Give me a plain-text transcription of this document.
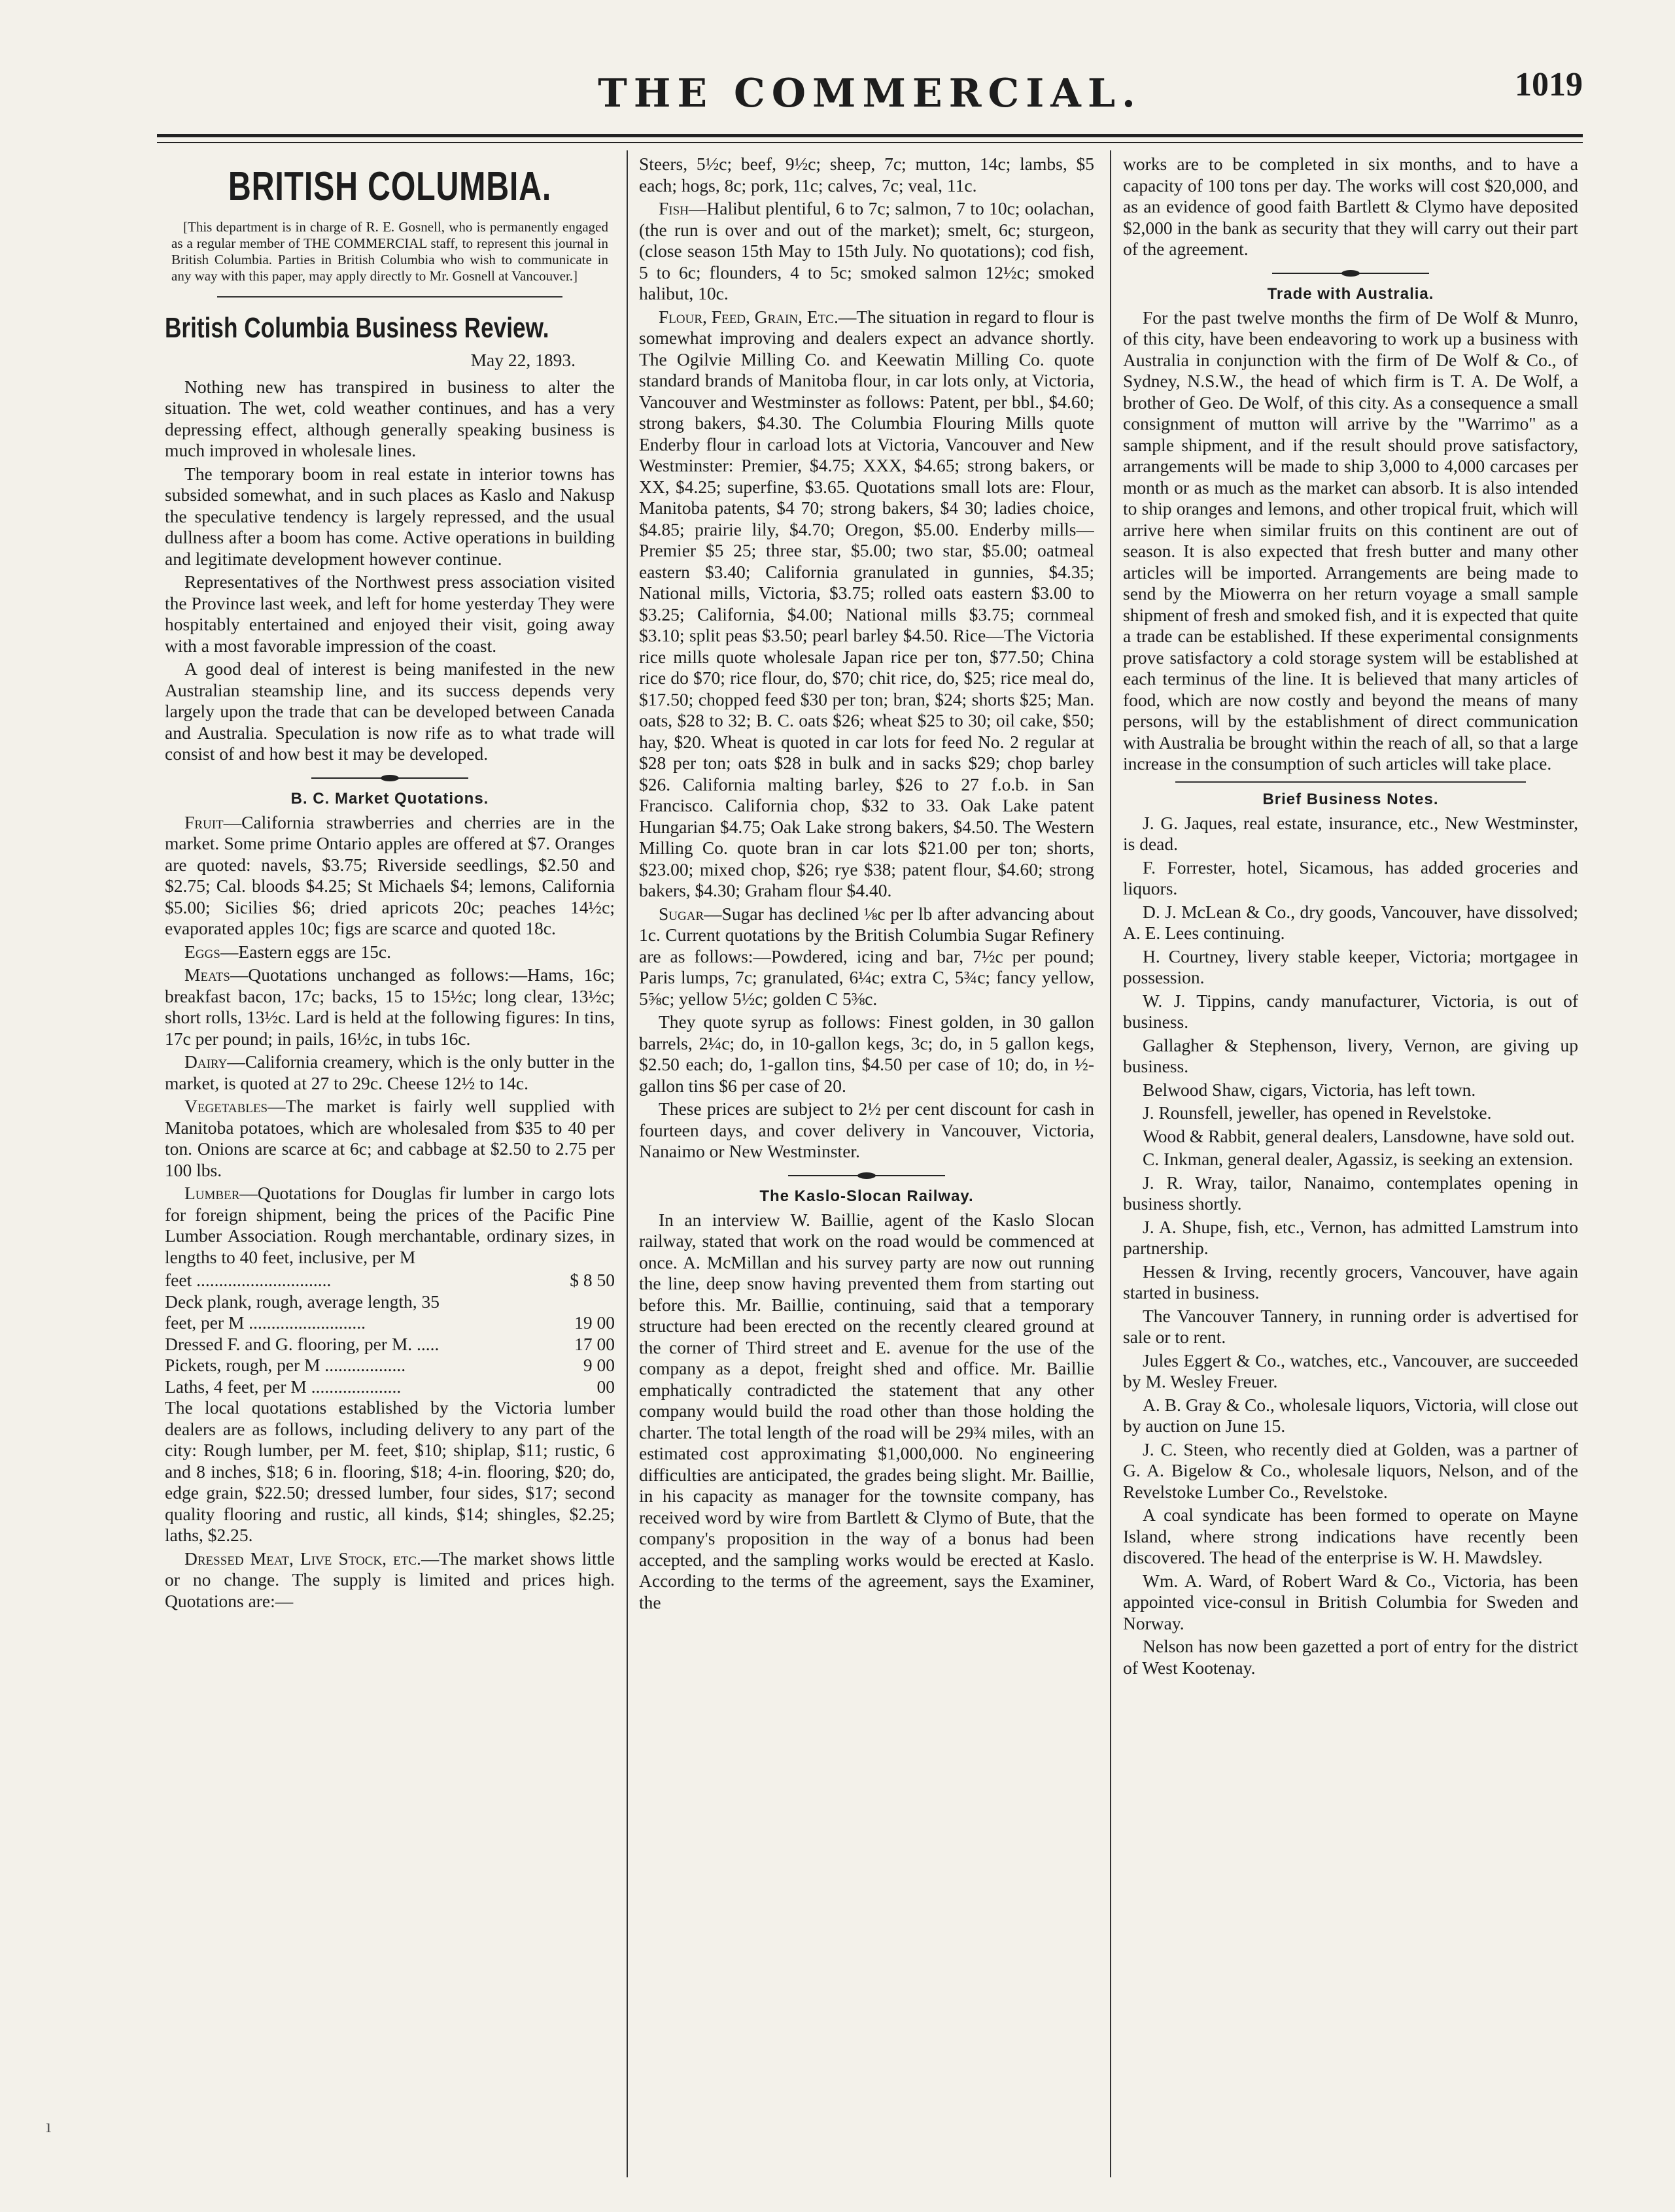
THE COMMERCIAL.	1019
BRITISH COLUMBIA.

[This department is in charge of R. E. Gosnell, who is permanently engaged as a regular member of THE COMMERCIAL staff, to represent this journal in British Columbia. Parties in British Columbia who wish to communicate in any way with this paper, may apply directly to Mr. Gosnell at Vancouver.]

British Columbia Business Review.
May 22, 1893.

Nothing new has transpired in business to alter the situation. The wet, cold weather continues, and has a very depressing effect, although generally speaking business is much improved in wholesale lines.

The temporary boom in real estate in interior towns has subsided somewhat, and in such places as Kaslo and Nakusp the speculative tendency is largely repressed, and the usual dullness after a boom has come. Active operations in building and legitimate development however continue.

Representatives of the Northwest press association visited the Province last week, and left for home yesterday They were hospitably entertained and enjoyed their visit, going away with a most favorable impression of the coast.

A good deal of interest is being manifested in the new Australian steamship line, and its success depends very largely upon the trade that can be developed between Canada and Australia. Speculation is now rife as to what trade will consist of and how best it may be developed.

B. C. Market Quotations.

Fruit—California strawberries and cherries are in the market. Some prime Ontario apples are offered at $7. Oranges are quoted: navels, $3.75; Riverside seedlings, $2.50 and $2.75; Cal. bloods $4.25; St Michaels $4; lemons, California $5.00; Sicilies $6; dried apricots 20c; peaches 14½c; evaporated apples 10c; figs are scarce and quoted 18c.

Eggs—Eastern eggs are 15c.

Meats—Quotations unchanged as follows:—Hams, 16c; breakfast bacon, 17c; backs, 15 to 15½c; long clear, 13½c; short rolls, 13½c. Lard is held at the following figures: In tins, 17c per pound; in pails, 16½c, in tubs 16c.

Dairy—California creamery, which is the only butter in the market, is quoted at 27 to 29c. Cheese 12½ to 14c.

Vegetables—The market is fairly well supplied with Manitoba potatoes, which are wholesaled from $35 to 40 per ton. Onions are scarce at 6c; and cabbage at $2.50 to 2.75 per 100 lbs.

Lumber—Quotations for Douglas fir lumber in cargo lots for foreign shipment, being the prices of the Pacific Pine Lumber Association. Rough merchantable, ordinary sizes, in lengths to 40 feet, inclusive, per M

feet ..............................	$ 8 50
Deck plank, rough, average length, 35
feet, per M ..........................	19 00
Dressed F. and G. flooring, per M. .....	17 00
Pickets, rough, per M ..................	9 00
Laths, 4 feet, per M ....................	00

The local quotations established by the Victoria lumber dealers are as follows, including delivery to any part of the city: Rough lumber, per M. feet, $10; shiplap, $11; rustic, 6 and 8 inches, $18; 6 in. flooring, $18; 4-in. flooring, $20; do, edge grain, $22.50; dressed lumber, four sides, $17; second quality flooring and rustic, all kinds, $14; shingles, $2.25; laths, $2.25.

Dressed Meat, Live Stock, etc.—The market shows little or no change. The supply is limited and prices high. Quotations are:—

Steers, 5½c; beef, 9½c; sheep, 7c; mutton, 14c; lambs, $5 each; hogs, 8c; pork, 11c; calves, 7c; veal, 11c.

Fish—Halibut plentiful, 6 to 7c; salmon, 7 to 10c; oolachan, (the run is over and out of the market); smelt, 6c; sturgeon, (close season 15th May to 15th July. No quotations); cod fish, 5 to 6c; flounders, 4 to 5c; smoked salmon 12½c; smoked halibut, 10c.

Flour, Feed, Grain, Etc.—The situation in regard to flour is somewhat improving and dealers expect an advance shortly. The Ogilvie Milling Co. and Keewatin Milling Co. quote standard brands of Manitoba flour, in car lots only, at Victoria, Vancouver and Westminster as follows: Patent, per bbl., $4.60; strong bakers, $4.30. The Columbia Flouring Mills quote Enderby flour in carload lots at Victoria, Vancouver and New Westminster: Premier, $4.75; XXX, $4.65; strong bakers, or XX, $4.25; superfine, $3.65. Quotations small lots are: Flour, Manitoba patents, $4 70; strong bakers, $4 30; ladies choice, $4.85; prairie lily, $4.70; Oregon, $5.00. Enderby mills—Premier $5 25; three star, $5.00; two star, $5.00; oatmeal eastern $3.40; California granulated in gunnies, $4.35; National mills, Victoria, $3.75; rolled oats eastern $3.00 to $3.25; California, $4.00; National mills $3.75; cornmeal $3.10; split peas $3.50; pearl barley $4.50. Rice—The Victoria rice mills quote wholesale Japan rice per ton, $77.50; China rice do $70; rice flour, do, $70; chit rice, do, $25; rice meal do, $17.50; chopped feed $30 per ton; bran, $24; shorts $25; Man. oats, $28 to 32; B. C. oats $26; wheat $25 to 30; oil cake, $50; hay, $20. Wheat is quoted in car lots for feed No. 2 regular at $28 per ton; oats $28 in bulk and in sacks $29; chop barley $26. California malting barley, $26 to 27 f.o.b. in San Francisco. California chop, $32 to 33. Oak Lake patent Hungarian $4.75; Oak Lake strong bakers, $4.50. The Western Milling Co. quote bran in car lots $21.00 per ton; shorts, $23.00; mixed chop, $26; rye $38; patent flour, $4.60; strong bakers, $4.30; Graham flour $4.40.

Sugar—Sugar has declined ⅛c per lb after advancing about 1c. Current quotations by the British Columbia Sugar Refinery are as follows:—Powdered, icing and bar, 7½c per pound; Paris lumps, 7c; granulated, 6¼c; extra C, 5¾c; fancy yellow, 5⅝c; yellow 5½c; golden C 5⅜c.

They quote syrup as follows: Finest golden, in 30 gallon barrels, 2¼c; do, in 10-gallon kegs, 3c; do, in 5 gallon kegs, $2.50 each; do, 1-gallon tins, $4.50 per case of 10; do, in ½-gallon tins $6 per case of 20.

These prices are subject to 2½ per cent discount for cash in fourteen days, and cover delivery in Vancouver, Victoria, Nanaimo or New Westminster.

The Kaslo-Slocan Railway.

In an interview W. Baillie, agent of the Kaslo Slocan railway, stated that work on the road would be commenced at once. A. McMillan and his survey party are now out running the line, deep snow having prevented them from starting out before this. Mr. Baillie, continuing, said that a temporary structure had been erected on the recently cleared ground at the corner of Third street and E. avenue for the use of the company as a depot, freight shed and office. Mr. Baillie emphatically contradicted the statement that any other company would build the road other than those holding the charter. The total length of the road will be 29¾ miles, with an estimated cost approximating $1,000,000. No engineering difficulties are anticipated, the grades being slight. Mr. Baillie, in his capacity as manager for the townsite company, has received word by wire from Bartlett & Clymo of Bute, that the company's proposition in the way of a bonus had been accepted, and the sampling works would be erected at Kaslo. According to the terms of the agreement, says the Examiner, the

works are to be completed in six months, and to have a capacity of 100 tons per day. The works will cost $20,000, and as an evidence of good faith Bartlett & Clymo have deposited $2,000 in the bank as security that they will carry out their part of the agreement.

Trade with Australia.

For the past twelve months the firm of De Wolf & Munro, of this city, have been endeavoring to work up a business with Australia in conjunction with the firm of De Wolf & Co., of Sydney, N.S.W., the head of which firm is T. A. De Wolf, a brother of Geo. De Wolf, of this city. As a consequence a small consignment of mutton will arrive by the "Warrimo" as a sample shipment, and if the result should prove satisfactory, arrangements will be made to ship 3,000 to 4,000 carcases per month or as much as the market can absorb. It is also intended to ship oranges and lemons, and other tropical fruit, which will arrive here when similar fruits on this continent are out of season. It is also expected that fresh butter and many other articles will be imported. Arrangements are being made to send by the Miowerra on her return voyage a small sample shipment of fresh and smoked fish, and it is expected that quite a trade can be established. If these experimental consignments prove satisfactory a cold storage system will be established at each terminus of the line. It is believed that many articles of food, which are now costly and beyond the means of many persons, will by the establishment of direct communication with Australia be brought within the reach of all, so that a large increase in the consumption of such articles will take place.

Brief Business Notes.

J. G. Jaques, real estate, insurance, etc., New Westminster, is dead.

F. Forrester, hotel, Sicamous, has added groceries and liquors.

D. J. McLean & Co., dry goods, Vancouver, have dissolved; A. E. Lees continuing.

H. Courtney, livery stable keeper, Victoria; mortgagee in possession.

W. J. Tippins, candy manufacturer, Victoria, is out of business.

Gallagher & Stephenson, livery, Vernon, are giving up business.

Belwood Shaw, cigars, Victoria, has left town.

J. Rounsfell, jeweller, has opened in Revelstoke.

Wood & Rabbit, general dealers, Lansdowne, have sold out.

C. Inkman, general dealer, Agassiz, is seeking an extension.

J. R. Wray, tailor, Nanaimo, contemplates opening in business shortly.

J. A. Shupe, fish, etc., Vernon, has admitted Lamstrum into partnership.

Hessen & Irving, recently grocers, Vancouver, have again started in business.

The Vancouver Tannery, in running order is advertised for sale or to rent.

Jules Eggert & Co., watches, etc., Vancouver, are succeeded by M. Wesley Freuer.

A. B. Gray & Co., wholesale liquors, Victoria, will close out by auction on June 15.

J. C. Steen, who recently died at Golden, was a partner of G. A. Bigelow & Co., wholesale liquors, Nelson, and of the Revelstoke Lumber Co., Revelstoke.

A coal syndicate has been formed to operate on Mayne Island, where strong indications have recently been discovered. The head of the enterprise is W. H. Mawdsley.

Wm. A. Ward, of Robert Ward & Co., Victoria, has been appointed vice-consul in British Columbia for Sweden and Norway.

Nelson has now been gazetted a port of entry for the district of West Kootenay.

ı
